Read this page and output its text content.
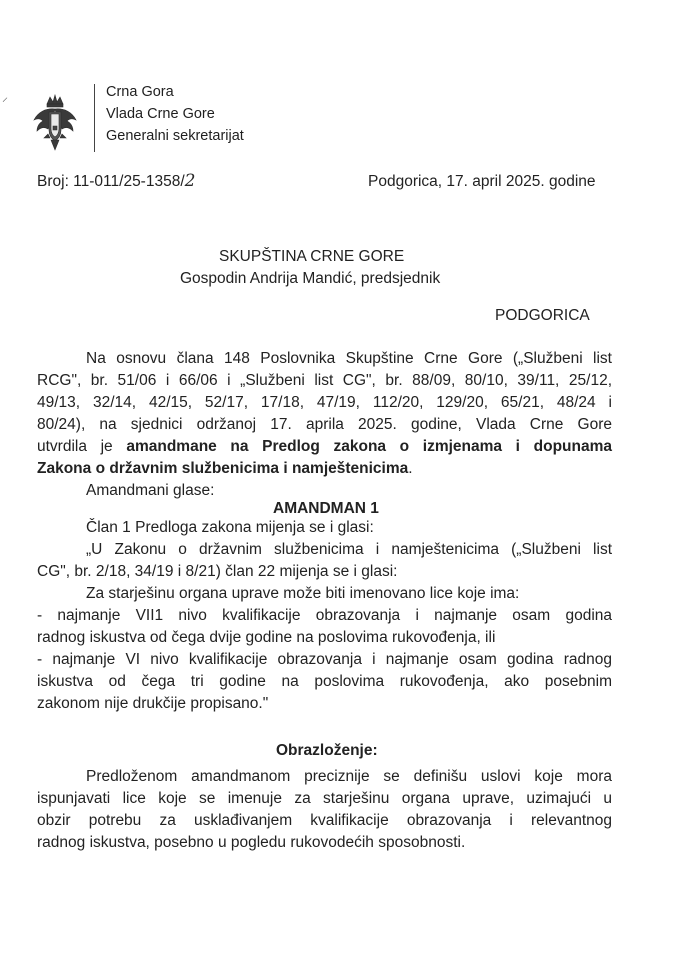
⸝	Crna Gora
Vlada Crne Gore
Generalni sekretarijat
Broj: 11-011/25-1358/2	Podgorica, 17. april 2025. godine
SKUPŠTINA CRNE GORE
Gospodin Andrija Mandić, predsjednik
PODGORICA
Na osnovu člana 148 Poslovnika Skupštine Crne Gore („Službeni list
RCG", br. 51/06 i 66/06 i „Službeni list CG", br. 88/09, 80/10, 39/11, 25/12,
49/13, 32/14, 42/15, 52/17, 17/18, 47/19, 112/20, 129/20, 65/21, 48/24 i
80/24), na sjednici održanoj 17. aprila 2025. godine, Vlada Crne Gore
utvrdila je amandmane na Predlog zakona o izmjenama i dopunama
Zakona o državnim službenicima i namještenicima.
Amandmani glase:
AMANDMAN 1
Član 1 Predloga zakona mijenja se i glasi:
„U Zakonu o državnim službenicima i namještenicima („Službeni list
CG", br. 2/18, 34/19 i 8/21) član 22 mijenja se i glasi:
Za starješinu organa uprave može biti imenovano lice koje ima:
- najmanje VII1 nivo kvalifikacije obrazovanja i najmanje osam godina
radnog iskustva od čega dvije godine na poslovima rukovođenja, ili
- najmanje VI nivo kvalifikacije obrazovanja i najmanje osam godina radnog
iskustva od čega tri godine na poslovima rukovođenja, ako posebnim
zakonom nije drukčije propisano."
Obrazloženje:
Predloženom amandmanom preciznije se definišu uslovi koje mora
ispunjavati lice koje se imenuje za starješinu organa uprave, uzimajući u
obzir potrebu za usklađivanjem kvalifikacije obrazovanja i relevantnog
radnog iskustva, posebno u pogledu rukovodećih sposobnosti.
